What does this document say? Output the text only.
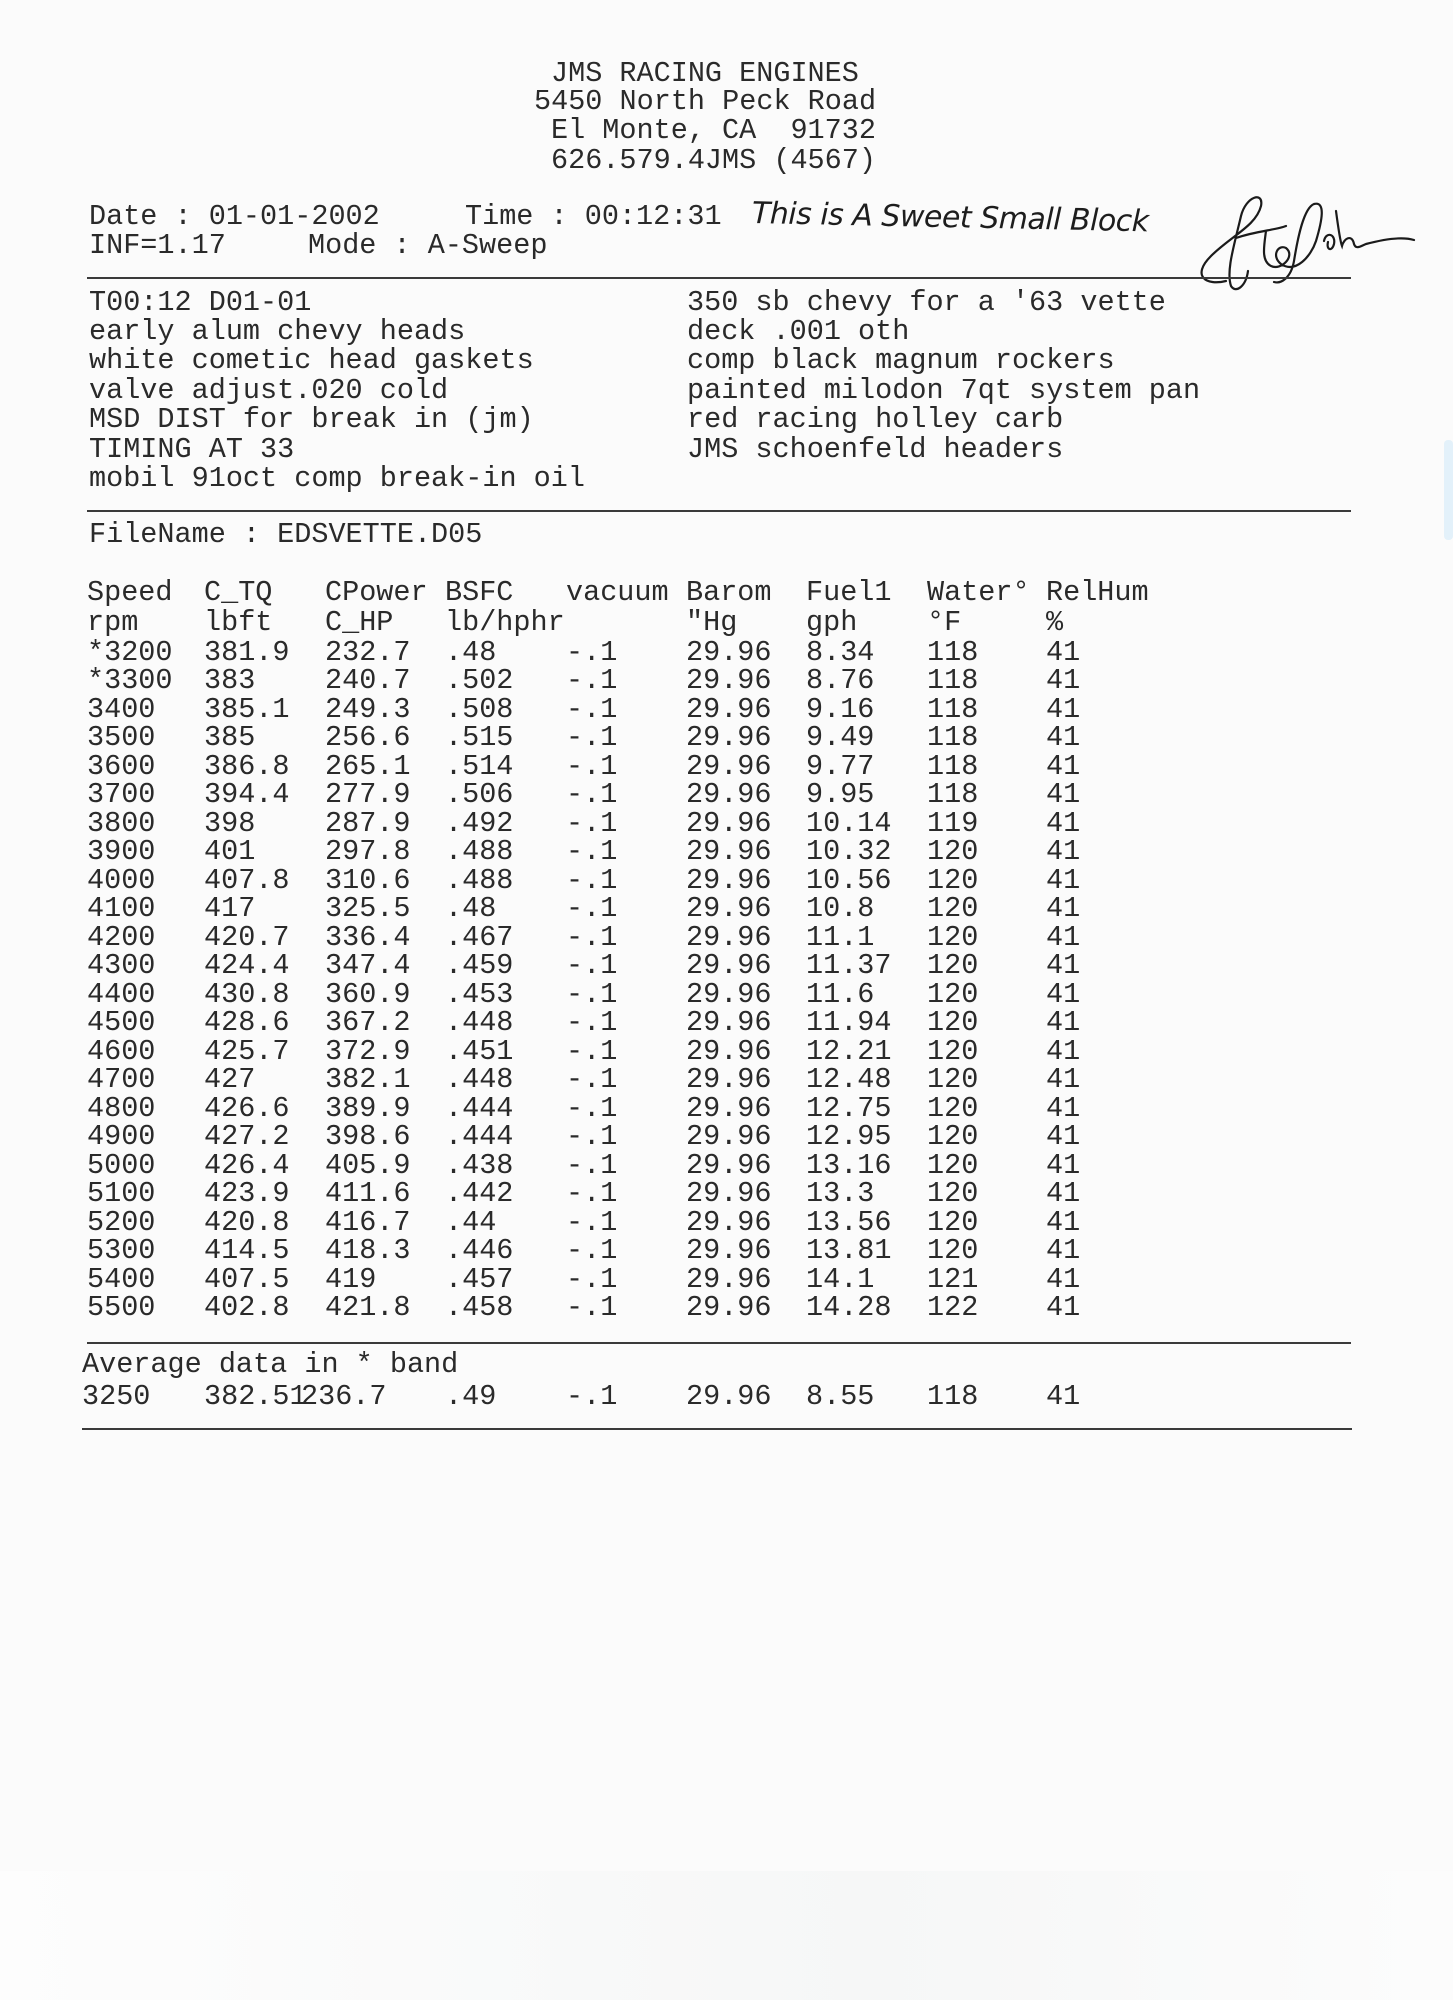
JMS RACING ENGINES
5450 North Peck Road
El Monte, CA  91732
626.579.4JMS (4567)
Date : 01-01-2002	Time : 00:12:31
INF=1.17	Mode : A-Sweep
This is A Sweet Small Block
T00:12 D01-01
early alum chevy heads
white cometic head gaskets
valve adjust.020 cold
MSD DIST for break in (jm)
TIMING AT 33
mobil 91oct comp break-in oil
350 sb chevy for a '63 vette
deck .001 oth
comp black magnum rockers
painted milodon 7qt system pan
red racing holley carb
JMS schoenfeld headers
FileName : EDSVETTE.D05
Speed
rpm
C_TQ
lbft
CPower
C_HP
BSFC
lb/hphr
vacuum Barom
"Hg
Fuel1
gph
Water°
°F
RelHum
%
*3200 381.9 232.7 .48 -.1 29.96 8.34 118 41
*3300 383 240.7 .502 -.1 29.96 8.76 118 41
3400 385.1 249.3 .508 -.1 29.96 9.16 118 41
3500 385 256.6 .515 -.1 29.96 9.49 118 41
3600 386.8 265.1 .514 -.1 29.96 9.77 118 41
3700 394.4 277.9 .506 -.1 29.96 9.95 118 41
3800 398 287.9 .492 -.1 29.96 10.14 119 41
3900 401 297.8 .488 -.1 29.96 10.32 120 41
4000 407.8 310.6 .488 -.1 29.96 10.56 120 41
4100 417 325.5 .48 -.1 29.96 10.8 120 41
4200 420.7 336.4 .467 -.1 29.96 11.1 120 41
4300 424.4 347.4 .459 -.1 29.96 11.37 120 41
4400 430.8 360.9 .453 -.1 29.96 11.6 120 41
4500 428.6 367.2 .448 -.1 29.96 11.94 120 41
4600 425.7 372.9 .451 -.1 29.96 12.21 120 41
4700 427 382.1 .448 -.1 29.96 12.48 120 41
4800 426.6 389.9 .444 -.1 29.96 12.75 120 41
4900 427.2 398.6 .444 -.1 29.96 12.95 120 41
5000 426.4 405.9 .438 -.1 29.96 13.16 120 41
5100 423.9 411.6 .442 -.1 29.96 13.3 120 41
5200 420.8 416.7 .44 -.1 29.96 13.56 120 41
5300 414.5 418.3 .446 -.1 29.96 13.81 120 41
5400 407.5 419 .457 -.1 29.96 14.1 121 41
5500 402.8 421.8 .458 -.1 29.96 14.28 122 41
Average data in * band
3250 382.51
236.7 .49 -.1 29.96 8.55 118 41
